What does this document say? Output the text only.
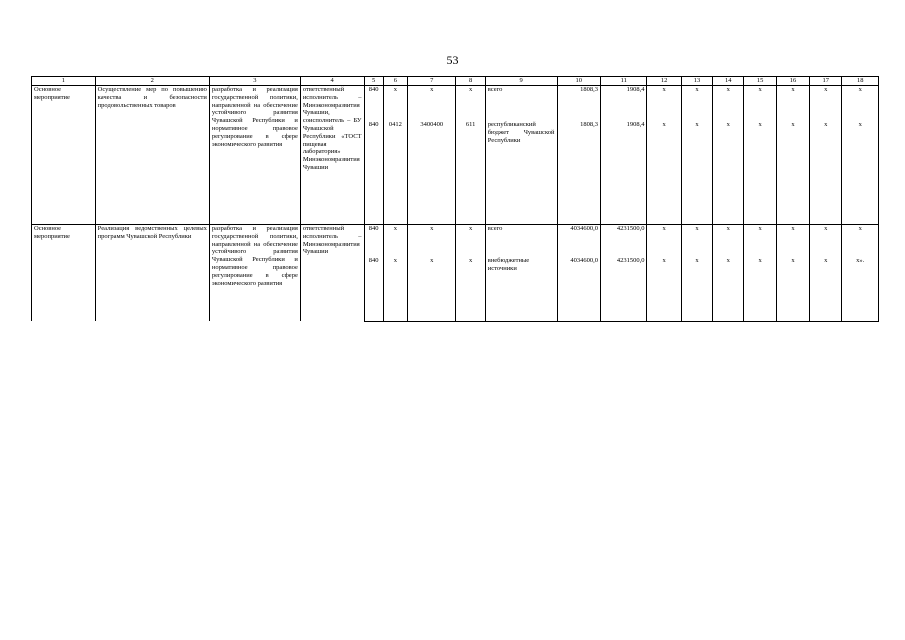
53
1	2	3	4	5	6	7	8	9	10	11	12	13	14	15	16	17	18
Основное мероприятие	Осуществление мер по повышению качества и безопасности продовольственных товаров	разработка и реализация государственной политики, направленной на обеспечение устойчивого развития Чувашской Республики и нормативное правовое регулирование в сфере экономического развития	ответственный исполнитель – Минэкономразвития Чувашии, соисполнитель – БУ Чувашской Республики «ТОСТ пищевая лаборатория» Минэкономразвития Чувашии	840	x	x	x	всего	1808,3	1908,4	x	x	x	x	x	x	x
				840	0412	3400400	611	республиканский бюджет Чувашской Республики	1808,3	1908,4	x	x	x	x	x	x	x
Основное мероприятие	Реализация ведомственных целевых программ Чувашской Республики	разработка и реализация государственной политики, направленной на обеспечение устойчивого развития Чувашской Республики и нормативное правовое регулирование в сфере экономического развития	ответственный исполнитель – Минэкономразвития Чувашии	840	x	x	x	всего	4034600,0	4231500,0	x	x	x	x	x	x	x
				840	x	x	x	внебюджетные источники	4034600,0	4231500,0	x	x	x	x	x	x	x».
